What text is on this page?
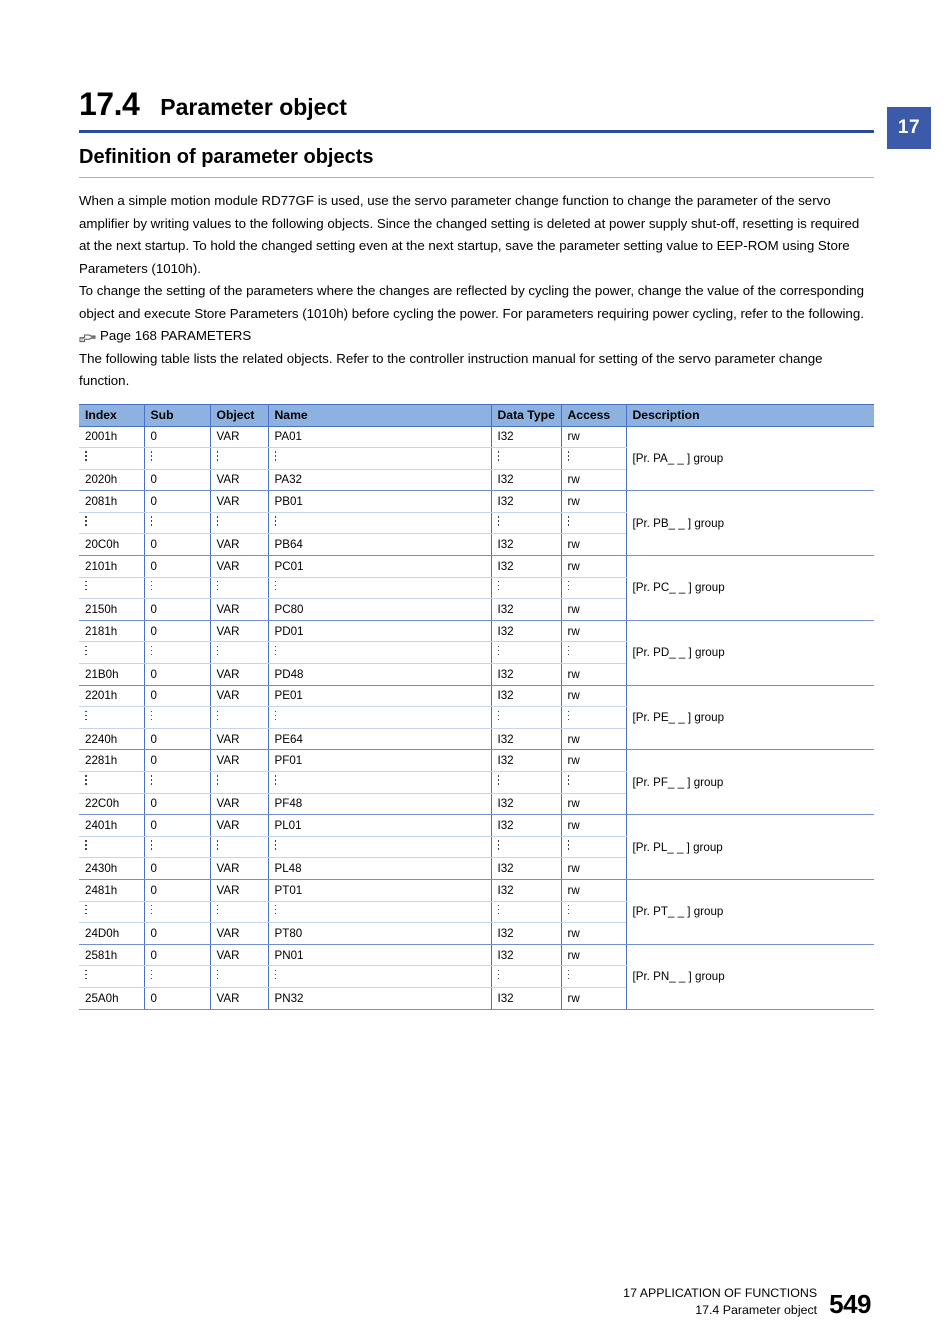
17
17.4 Parameter object
Definition of parameter objects

When a simple motion module RD77GF is used, use the servo parameter change function to change the parameter of the servo amplifier by writing values to the following objects. Since the changed setting is deleted at power supply shut-off, resetting is required at the next startup. To hold the changed setting even at the next startup, save the parameter setting value to EEP-ROM using Store Parameters (1010h).

To change the setting of the parameters where the changes are reflected by cycling the power, change the value of the corresponding object and execute Store Parameters (1010h) before cycling the power. For parameters requiring power cycling, refer to the following.

Page 168 PARAMETERS

The following table lists the related objects. Refer to the controller instruction manual for setting of the servo parameter change function.

Index	Sub	Object	Name	Data Type	Access	Description
2001h	0	VAR	PA01	I32	rw	[Pr. PA_ _ ] group

2020h	0	VAR	PA32	I32	rw	
2081h	0	VAR	PB01	I32	rw	[Pr. PB_ _ ] group

20C0h	0	VAR	PB64	I32	rw	
2101h	0	VAR	PC01	I32	rw	[Pr. PC_ _ ] group

2150h	0	VAR	PC80	I32	rw	
2181h	0	VAR	PD01	I32	rw	[Pr. PD_ _ ] group

21B0h	0	VAR	PD48	I32	rw	
2201h	0	VAR	PE01	I32	rw	[Pr. PE_ _ ] group

2240h	0	VAR	PE64	I32	rw	
2281h	0	VAR	PF01	I32	rw	[Pr. PF_ _ ] group

22C0h	0	VAR	PF48	I32	rw	
2401h	0	VAR	PL01	I32	rw	[Pr. PL_ _ ] group

2430h	0	VAR	PL48	I32	rw	
2481h	0	VAR	PT01	I32	rw	[Pr. PT_ _ ] group

24D0h	0	VAR	PT80	I32	rw	
2581h	0	VAR	PN01	I32	rw	[Pr. PN_ _ ] group

25A0h	0	VAR	PN32	I32	rw	
17 APPLICATION OF FUNCTIONS
17.4 Parameter object 549
